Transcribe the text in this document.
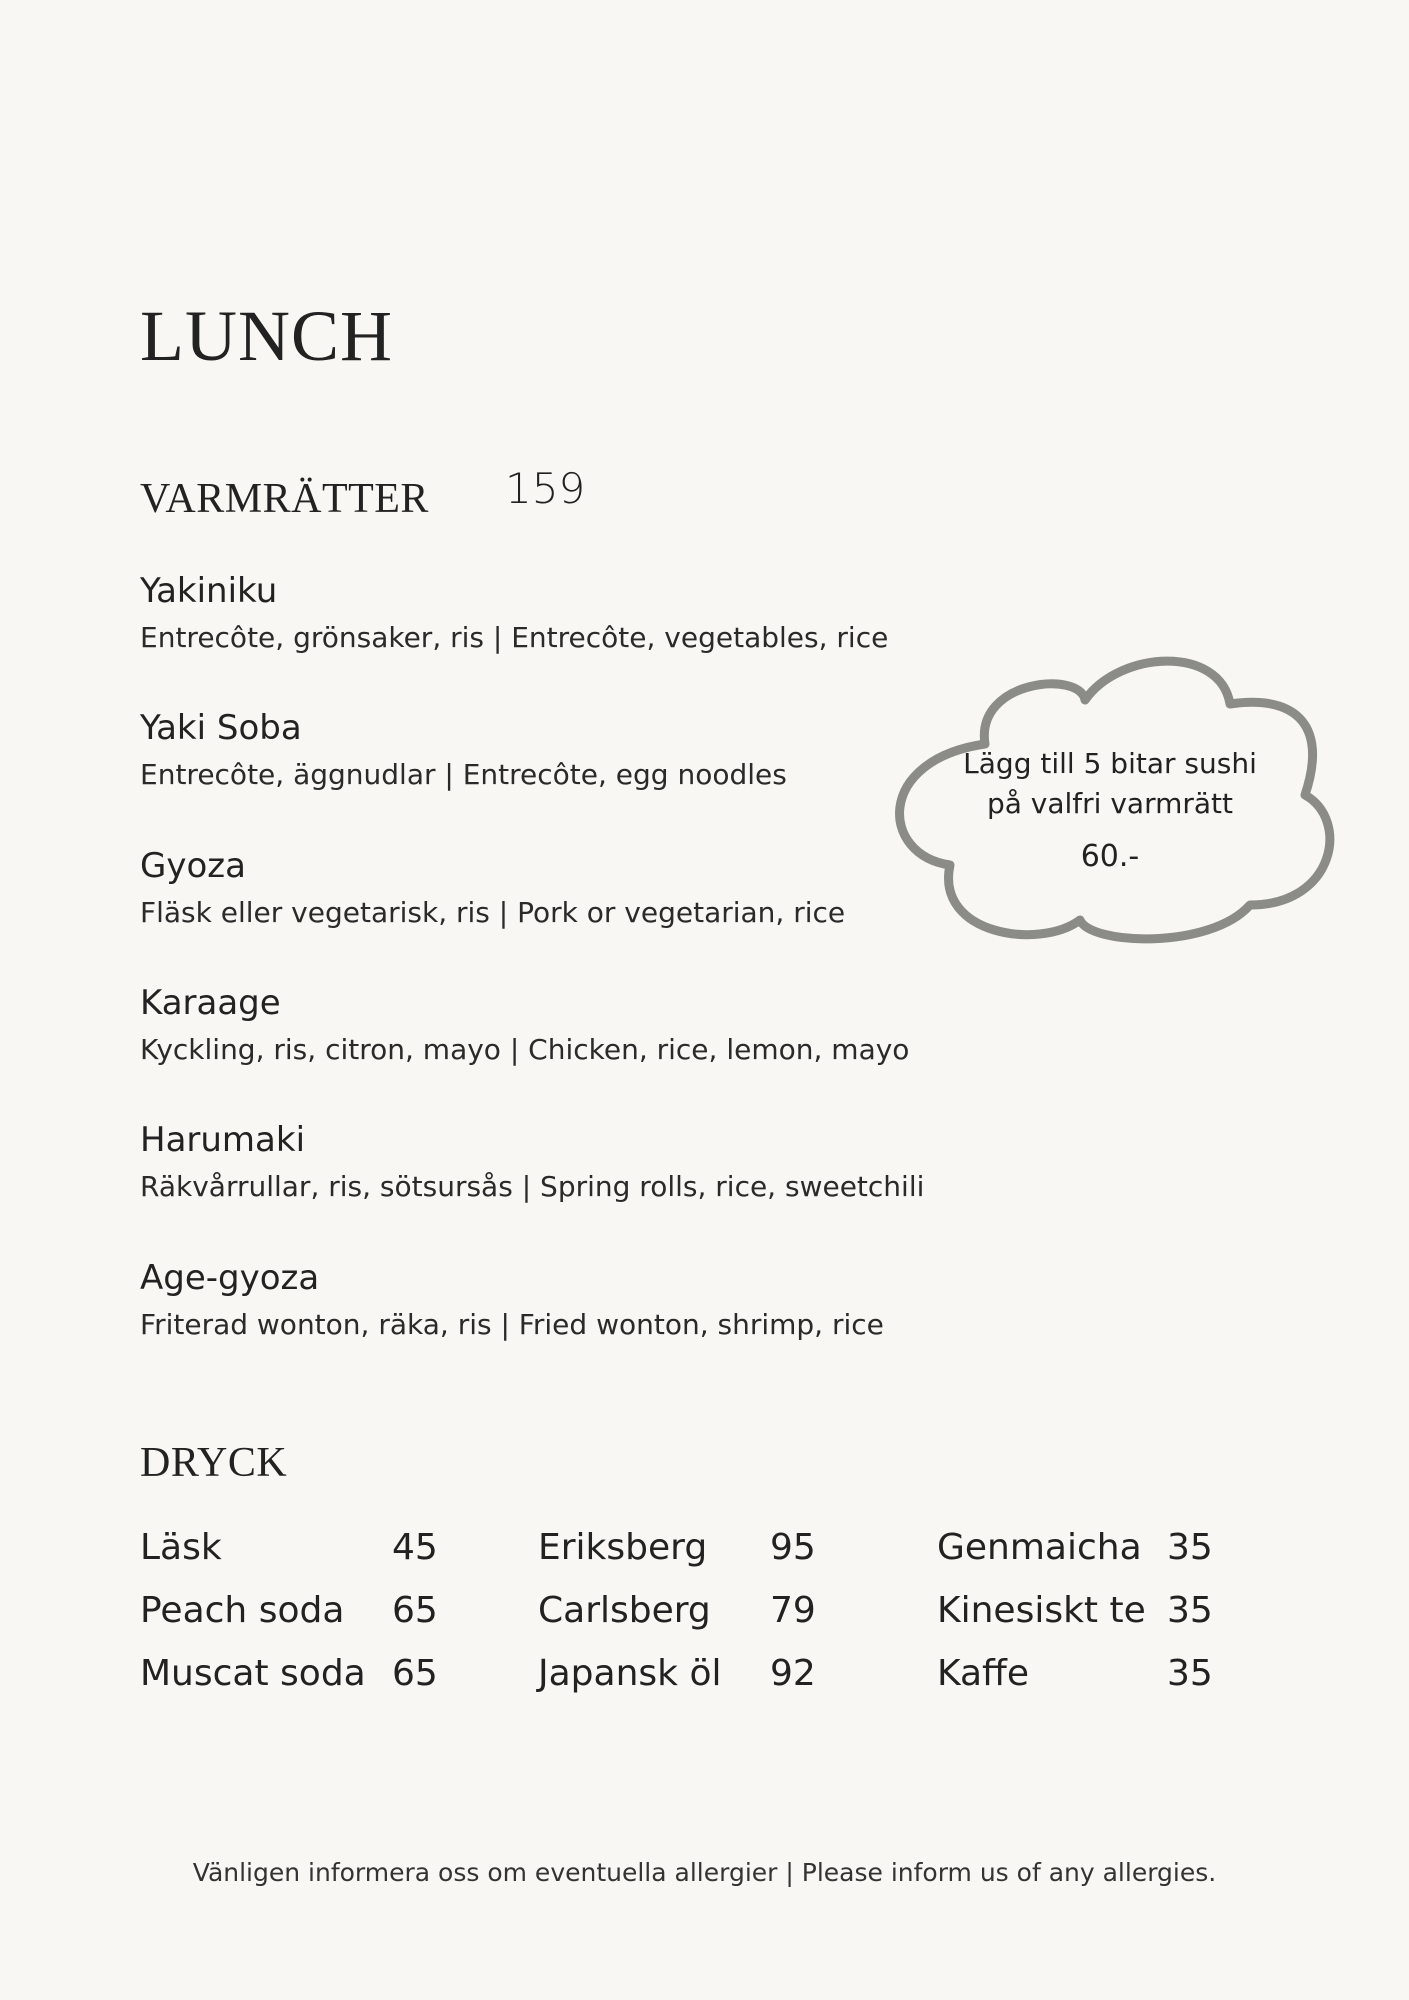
LUNCH
VARMRÄTTER 159

Yakiniku

Entrecôte, grönsaker, ris | Entrecôte, vegetables, rice

Yaki Soba

Entrecôte, äggnudlar | Entrecôte, egg noodles

Gyoza

Fläsk eller vegetarisk, ris | Pork or vegetarian, rice

Karaage

Kyckling, ris, citron, mayo | Chicken, rice, lemon, mayo

Harumaki

Räkvårrullar, ris, sötsursås | Spring rolls, rice, sweetchili

Age-gyoza

Friterad wonton, räka, ris | Fried wonton, shrimp, rice

Lägg till 5 bitar sushi
på valfri varmrätt
60.-
DRYCK
Läsk	45
Peach soda 65
Muscat soda 65
Eriksberg 95
Carlsberg 79
Japansk öl 92
Genmaicha 35
Kinesiskt te 35
Kaffe	35
Vänligen informera oss om eventuella allergier | Please inform us of any allergies.
